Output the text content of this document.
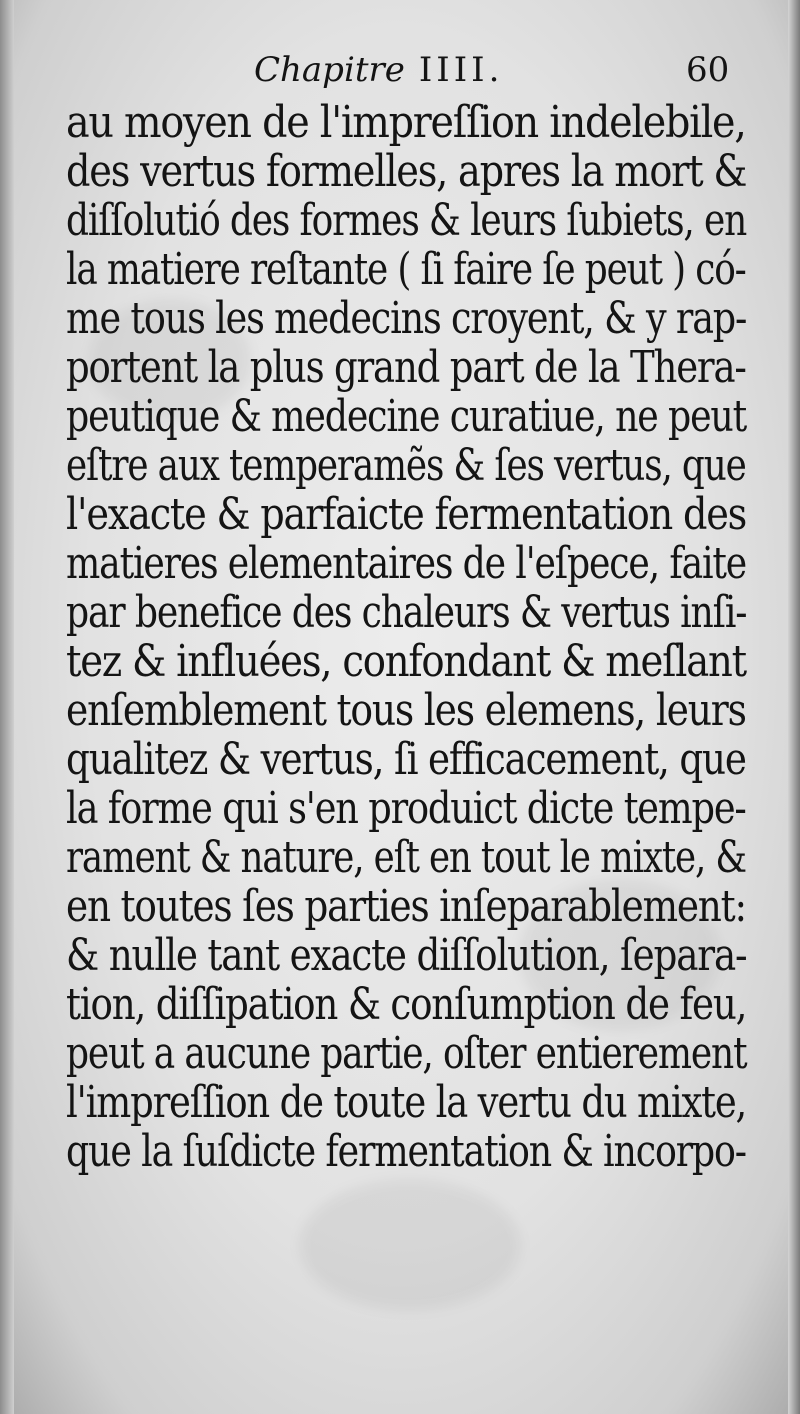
Chapitre IIII.	60
au moyen de l'impreſſion indelebile,
des vertus formelles, apres la mort &
diſſolutió des formes & leurs ſubiets, en
la matiere reſtante ( ſi faire ſe peut ) có-
me tous les medecins croyent, & y rap-
portent la plus grand part de la Thera-
peutique & medecine curatiue, ne peut
eſtre aux temperamẽs & ſes vertus, que
l'exacte & parfaicte fermentation des
matieres elementaires de l'eſpece, faite
par benefice des chaleurs & vertus inſi-
tez & influées, confondant & meſlant
enſemblement tous les elemens, leurs
qualitez & vertus, ſi efficacement, que
la forme qui s'en produict dicte tempe-
rament & nature, eſt en tout le mixte, &
en toutes ſes parties inſeparablement:
& nulle tant exacte diſſolution, ſepara-
tion, diſſipation & conſumption de feu,
peut a aucune partie, oſter entierement
l'impreſſion de toute la vertu du mixte,
que la ſuſdicte fermentation & incorpo-
